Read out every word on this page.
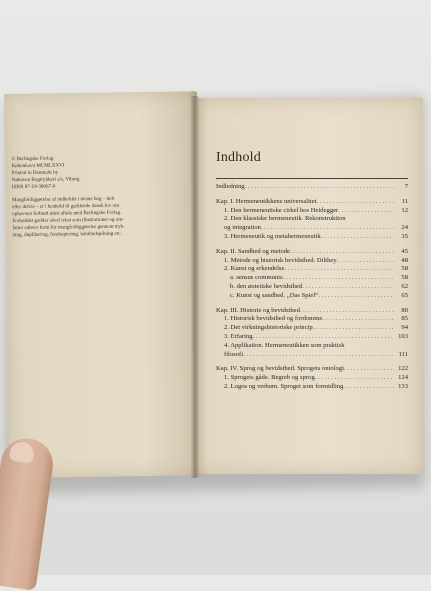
© Berlingske Forlag
København MCMLXXVI
Printed in Denmark by
Nøhaven Bogtrykkeri a/s, Viborg
ISBN 87-19-30067-0
Mangfoldiggørelse af indholdet i denne bog – helt
eller delvis – er i henhold til gældende dansk lov om
ophavsret forbudt uden aftale med Berlingske Forlag.
Forbuddet gælder såvel tekst som illustrationer og om-
fatter enhver form for mangfoldiggørelse gennem tryk-
ning, duplikering, fotokopiering, båndindspilning etc.
Indhold
Indledning . . .	7
Kap. I. Hermeneutikkens universalitet . . .	11
1. Den hermeneutiske cirkel hos Heidegger . . .	12
2. Den klassiske hermeneutik. Rekonstruktion
og integration . . .	24
3. Hermeneutik og metahermeneutik . . .	35
Kap. II. Sandhed og metode . . .	45
1. Metode og historisk bevidsthed. Dilthey . . .	48
2. Kunst og erkendelse . . .	58
a. sensus communis . . .	58
b. den æstetiske bevidsthed . . .	62
c. Kunst og sandhed. „Das Spiel“ . . .	65
Kap. III. Historie og bevidsthed . . .	80
1. Historisk bevidsthed og fordomme . . .	85
2. Det virkningshistoriske princip . . .	94
3. Erfaring . . .	103
4. Applikation. Hermeneutikken som praktisk
filosofi . . .	111
Kap. IV. Sprog og bevidsthed. Sprogets ontologi . . .	122
1. Sprogets gåde. Begreb og sprog . . .	124
2. Logos og verbum. Sproget som formidling . . .	133
